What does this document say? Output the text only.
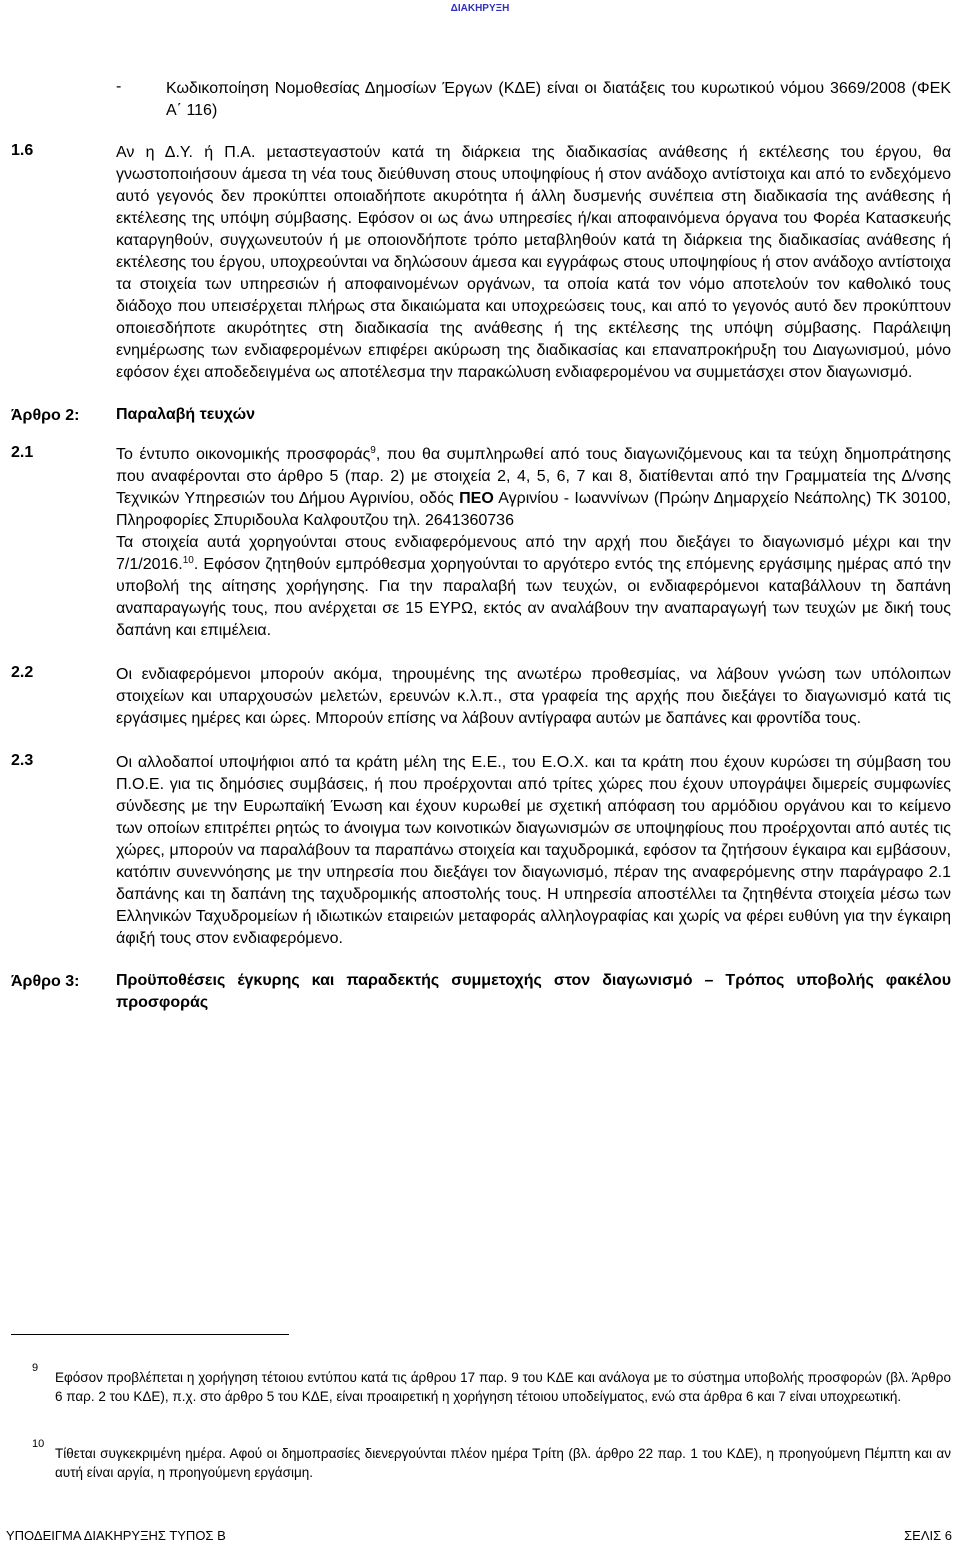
ΔΙΑΚΗΡΥΞΗ
-	Κωδικοποίηση Νομοθεσίας Δημοσίων Έργων (ΚΔΕ) είναι οι διατάξεις του κυρωτικού νόμου 3669/2008 (ΦΕΚ Α΄ 116)
1.6	Αν η Δ.Υ. ή Π.Α. μεταστεγαστούν κατά τη διάρκεια της διαδικασίας ανάθεσης ή εκτέλεσης του έργου, θα γνωστοποιήσουν άμεσα τη νέα τους διεύθυνση στους υποψηφίους ή στον ανάδοχο αντίστοιχα και από το ενδεχόμενο αυτό γεγονός δεν προκύπτει οποιαδήποτε ακυρότητα ή άλλη δυσμενής συνέπεια στη διαδικασία της ανάθεσης ή εκτέλεσης της υπόψη σύμβασης. Εφόσον οι ως άνω υπηρεσίες ή/και αποφαινόμενα όργανα του Φορέα Κατασκευής καταργηθούν, συγχωνευτούν ή με οποιονδήποτε τρόπο μεταβληθούν κατά τη διάρκεια της διαδικασίας ανάθεσης ή εκτέλεσης του έργου, υποχρεούνται να δηλώσουν άμεσα και εγγράφως στους υποψηφίους ή στον ανάδοχο αντίστοιχα τα στοιχεία των υπηρεσιών ή αποφαινομένων οργάνων, τα οποία κατά τον νόμο αποτελούν τον καθολικό τους διάδοχο που υπεισέρχεται πλήρως στα δικαιώματα και υποχρεώσεις τους, και από το γεγονός αυτό δεν προκύπτουν οποιεσδήποτε ακυρότητες στη διαδικασία της ανάθεσης ή της εκτέλεσης της υπόψη σύμβασης. Παράλειψη ενημέρωσης των ενδιαφερομένων επιφέρει ακύρωση της διαδικασίας και επαναπροκήρυξη του Διαγωνισμού, μόνο εφόσον έχει αποδεδειγμένα ως αποτέλεσμα την παρακώλυση ενδιαφερομένου να συμμετάσχει στον διαγωνισμό.
Άρθρο 2: Παραλαβή τευχών
2.1	Το έντυπο οικονομικής προσφοράς$^9$, που θα συμπληρωθεί από τους διαγωνιζόμενους και τα τεύχη δημοπράτησης που αναφέρονται στο άρθρο 5 (παρ. 2) με στοιχεία 2, 4, 5, 6, 7 και 8, διατίθενται από την Γραμματεία της Δ/νσης Τεχνικών Υπηρεσιών του Δήμου Αγρινίου, οδός ΠΕΟ Αγρινίου - Ιωαννίνων (Πρώην Δημαρχείο Νεάπολης) ΤΚ 30100, Πληροφορίες Σπυριδουλα Καλφουτζου τηλ. 2641360736
Τα στοιχεία αυτά χορηγούνται στους ενδιαφερόμενους από την αρχή που διεξάγει το διαγωνισμό μέχρι και την 7/1/2016.10. Εφόσον ζητηθούν εμπρόθεσμα χορηγούνται το αργότερο εντός της επόμενης εργάσιμης ημέρας από την υποβολή της αίτησης χορήγησης. Για την παραλαβή των τευχών, οι ενδιαφερόμενοι καταβάλλουν τη δαπάνη αναπαραγωγής τους, που ανέρχεται σε 15 ΕΥΡΩ, εκτός αν αναλάβουν την αναπαραγωγή των τευχών με δική τους δαπάνη και επιμέλεια.
2.2	Οι ενδιαφερόμενοι μπορούν ακόμα, τηρουμένης της ανωτέρω προθεσμίας, να λάβουν γνώση των υπόλοιπων στοιχείων και υπαρχουσών μελετών, ερευνών κ.λ.π., στα γραφεία της αρχής που διεξάγει το διαγωνισμό κατά τις εργάσιμες ημέρες και ώρες. Μπορούν επίσης να λάβουν αντίγραφα αυτών με δαπάνες και φροντίδα τους.
2.3	Οι αλλοδαποί υποψήφιοι από τα κράτη μέλη της Ε.Ε., του Ε.Ο.Χ. και τα κράτη που έχουν κυρώσει τη σύμβαση του Π.Ο.Ε. για τις δημόσιες συμβάσεις, ή που προέρχονται από τρίτες χώρες που έχουν υπογράψει διμερείς συμφωνίες σύνδεσης με την Ευρωπαϊκή Ένωση και έχουν κυρωθεί με σχετική απόφαση του αρμόδιου οργάνου και το κείμενο των οποίων επιτρέπει ρητώς το άνοιγμα των κοινοτικών διαγωνισμών σε υποψηφίους που προέρχονται από αυτές τις χώρες, μπορούν να παραλάβουν τα παραπάνω στοιχεία και ταχυδρομικά, εφόσον τα ζητήσουν έγκαιρα και εμβάσουν, κατόπιν συνεννόησης με την υπηρεσία που διεξάγει τον διαγωνισμό, πέραν της αναφερόμενης στην παράγραφο 2.1 δαπάνης και τη δαπάνη της ταχυδρομικής αποστολής τους. Η υπηρεσία αποστέλλει τα ζητηθέντα στοιχεία μέσω των Ελληνικών Ταχυδρομείων ή ιδιωτικών εταιρειών μεταφοράς αλληλογραφίας και χωρίς να φέρει ευθύνη για την έγκαιρη άφιξή τους στον ενδιαφερόμενο.
Άρθρο 3: Προϋποθέσεις έγκυρης και παραδεκτής συμμετοχής στον διαγωνισμό – Τρόπος υποβολής φακέλου προσφοράς
9
Εφόσον προβλέπεται η χορήγηση τέτοιου εντύπου κατά τις άρθρου 17 παρ. 9 του ΚΔΕ και ανάλογα με το σύστημα υποβολής προσφορών (βλ. Άρθρο 6 παρ. 2 του ΚΔΕ), π.χ. στο άρθρο 5 του ΚΔΕ, είναι προαιρετική η χορήγηση τέτοιου υποδείγματος, ενώ στα άρθρα 6 και 7 είναι υποχρεωτική.
10
Τίθεται συγκεκριμένη ημέρα. Αφού οι δημοπρασίες διενεργούνται πλέον ημέρα Τρίτη (βλ. άρθρο 22 παρ. 1 του ΚΔΕ), η προηγούμενη Πέμπτη και αν αυτή είναι αργία, η προηγούμενη εργάσιμη.
ΥΠΟΔΕΙΓΜΑ ΔΙΑΚΗΡΥΞΗΣ ΤΥΠΟΣ Β	ΣΕΛΙΣ 6
